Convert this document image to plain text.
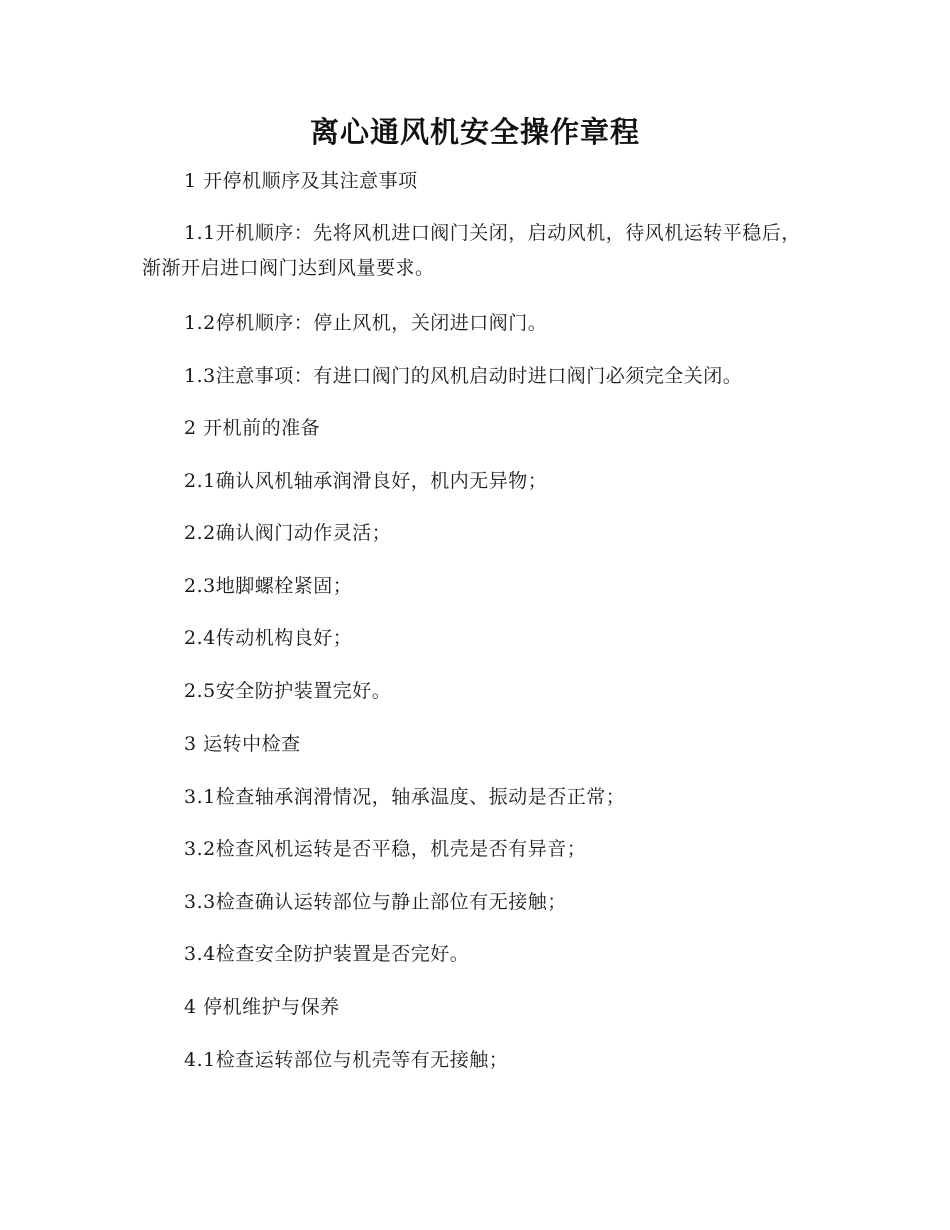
离心通风机安全操作章程
1 开停机顺序及其注意事项
1.1开机顺序：先将风机进口阀门关闭，启动风机，待风机运转平稳后，渐渐开启进口阀门达到风量要求。
1.2停机顺序：停止风机，关闭进口阀门。
1.3注意事项：有进口阀门的风机启动时进口阀门必须完全关闭。
2 开机前的准备
2.1确认风机轴承润滑良好，机内无异物；
2.2确认阀门动作灵活；
2.3地脚螺栓紧固；
2.4传动机构良好；
2.5安全防护装置完好。
3 运转中检查
3.1检查轴承润滑情况，轴承温度、振动是否正常；
3.2检查风机运转是否平稳，机壳是否有异音；
3.3检查确认运转部位与静止部位有无接触；
3.4检查安全防护装置是否完好。
4 停机维护与保养
4.1检查运转部位与机壳等有无接触；
